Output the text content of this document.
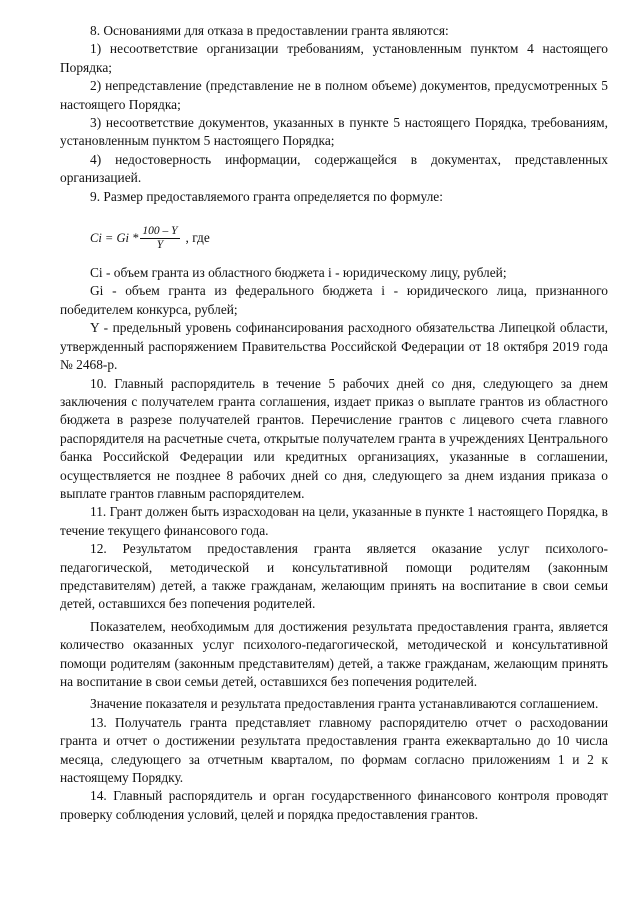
8. Основаниями для отказа в предоставлении гранта являются:

1) несоответствие организации требованиям, установленным пунктом 4 настоящего Порядка;

2) непредставление (представление не в полном объеме) документов, предусмотренных 5 настоящего Порядка;

3) несоответствие документов, указанных в пункте 5 настоящего Порядка, требованиям, установленным пунктом 5 настоящего Порядка;

4) недостоверность информации, содержащейся в документах, представленных организацией.

9. Размер предоставляемого гранта определяется по формуле:

$Ci = Gi * \frac{100 - Y}{Y}$ , где

Ci - объем гранта из областного бюджета i - юридическому лицу, рублей;

Gi - объем гранта из федерального бюджета i - юридического лица, признанного победителем конкурса, рублей;

Y - предельный уровень софинансирования расходного обязательства Липецкой области, утвержденный распоряжением Правительства Российской Федерации от 18 октября 2019 года № 2468-р.

10. Главный распорядитель в течение 5 рабочих дней со дня, следующего за днем заключения с получателем гранта соглашения, издает приказ о выплате грантов из областного бюджета в разрезе получателей грантов. Перечисление грантов с лицевого счета главного распорядителя на расчетные счета, открытые получателем гранта в учреждениях Центрального банка Российской Федерации или кредитных организациях, указанные в соглашении, осуществляется не позднее 8 рабочих дней со дня, следующего за днем издания приказа о выплате грантов главным распорядителем.

11. Грант должен быть израсходован на цели, указанные в пункте 1 настоящего Порядка, в течение текущего финансового года.

12. Результатом предоставления гранта является оказание услуг психолого-педагогической, методической и консультативной помощи родителям (законным представителям) детей, а также гражданам, желающим принять на воспитание в свои семьи детей, оставшихся без попечения родителей.

Показателем, необходимым для достижения результата предоставления гранта, является количество оказанных услуг психолого-педагогической, методической и консультативной помощи родителям (законным представителям) детей, а также гражданам, желающим принять на воспитание в свои семьи детей, оставшихся без попечения родителей.

Значение показателя и результата предоставления гранта устанавливаются соглашением.

13. Получатель гранта представляет главному распорядителю отчет о расходовании гранта и отчет о достижении результата предоставления гранта ежеквартально до 10 числа месяца, следующего за отчетным кварталом, по формам согласно приложениям 1 и 2 к настоящему Порядку.

14. Главный распорядитель и орган государственного финансового контроля проводят проверку соблюдения условий, целей и порядка предоставления грантов.
